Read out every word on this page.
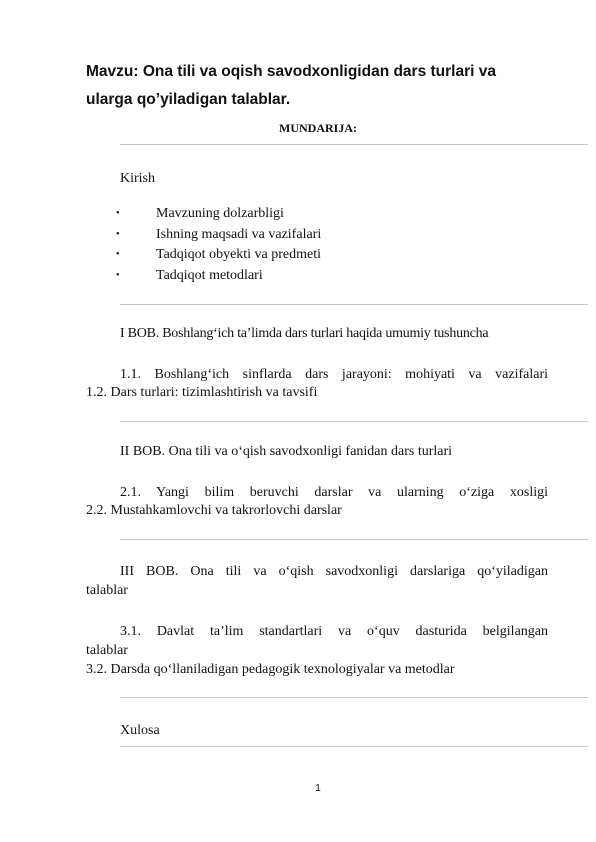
Mavzu: Ona tili va oqish savodxonligidan dars turlari va
ularga qo’yiladigan talablar.
MUNDARIJA:
Kirish
•	Mavzuning dolzarbligi
•	Ishning maqsadi va vazifalari
•	Tadqiqot obyekti va predmeti
•	Tadqiqot metodlari
I BOB. Boshlang‘ich ta’limda dars turlari haqida umumiy tushuncha
1.1. Boshlang‘ich sinflarda dars jarayoni: mohiyati va vazifalari
1.2. Dars turlari: tizimlashtirish va tavsifi
II BOB. Ona tili va o‘qish savodxonligi fanidan dars turlari
2.1. Yangi bilim beruvchi darslar va ularning o‘ziga xosligi
2.2. Mustahkamlovchi va takrorlovchi darslar
III BOB. Ona tili va o‘qish savodxonligi darslariga qo‘yiladigan
talablar
3.1. Davlat ta’lim standartlari va o‘quv dasturida belgilangan
talablar
3.2. Darsda qo‘llaniladigan pedagogik texnologiyalar va metodlar
Xulosa
1
